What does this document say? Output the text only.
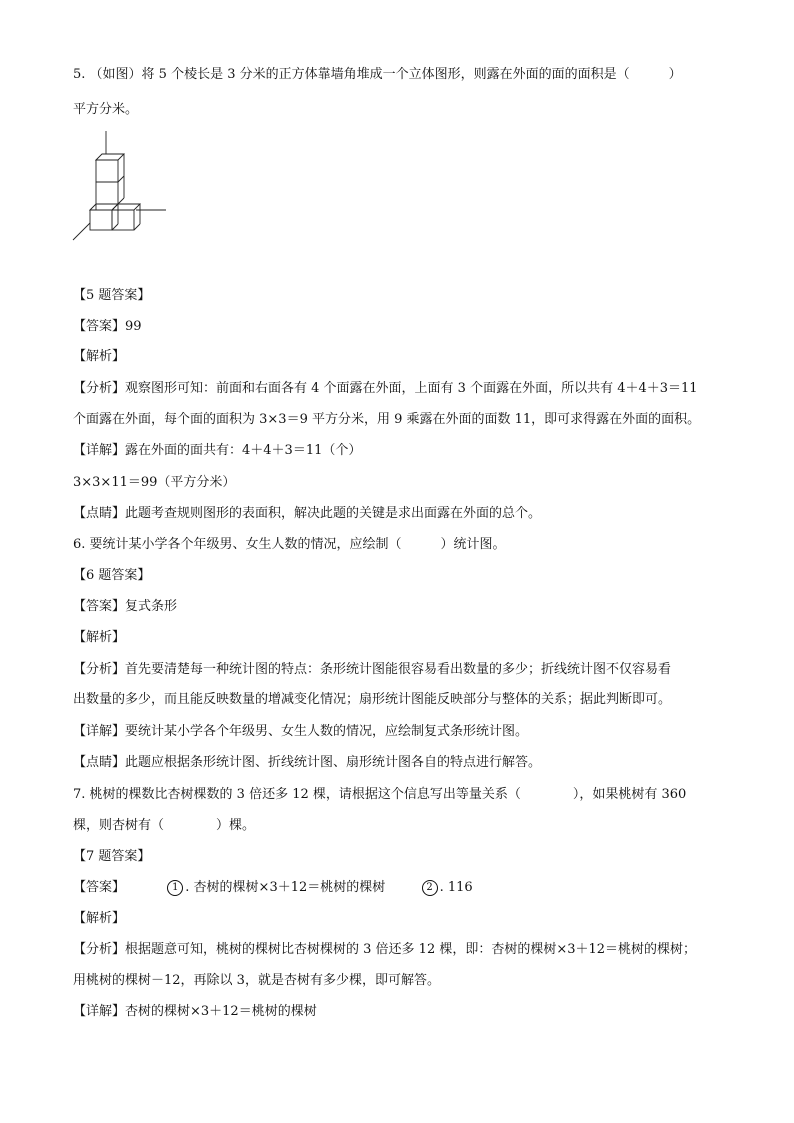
5. （如图）将 5 个棱长是 3 分米的正方体靠墙角堆成一个立体图形，则露在外面的面的面积是（　　　）
平方分米。
【5 题答案】
【答案】99
【解析】
【分析】观察图形可知：前面和右面各有 4 个面露在外面，上面有 3 个面露在外面，所以共有 4＋4＋3＝11
个面露在外面，每个面的面积为 3×3＝9 平方分米，用 9 乘露在外面的面数 11，即可求得露在外面的面积。
【详解】露在外面的面共有：4＋4＋3＝11（个）
3×3×11＝99（平方分米）
【点睛】此题考查规则图形的表面积，解决此题的关键是求出面露在外面的总个。
6. 要统计某小学各个年级男、女生人数的情况，应绘制（　　　）统计图。
【6 题答案】
【答案】复式条形
【解析】
【分析】首先要清楚每一种统计图的特点：条形统计图能很容易看出数量的多少；折线统计图不仅容易看
出数量的多少，而且能反映数量的增减变化情况；扇形统计图能反映部分与整体的关系；据此判断即可。
【详解】要统计某小学各个年级男、女生人数的情况，应绘制复式条形统计图。
【点睛】此题应根据条形统计图、折线统计图、扇形统计图各自的特点进行解答。
7. 桃树的棵数比杏树棵数的 3 倍还多 12 棵，请根据这个信息写出等量关系（　　　　），如果桃树有 360
棵，则杏树有（　　　　）棵。
【7 题答案】
【答案】	1 . 杏树的棵树×3＋12＝桃树的棵树	2 . 116
【解析】
【分析】根据题意可知，桃树的棵树比杏树棵树的 3 倍还多 12 棵，即：杏树的棵树×3＋12＝桃树的棵树；
用桃树的棵树－12，再除以 3，就是杏树有多少棵，即可解答。
【详解】杏树的棵树×3＋12＝桃树的棵树
